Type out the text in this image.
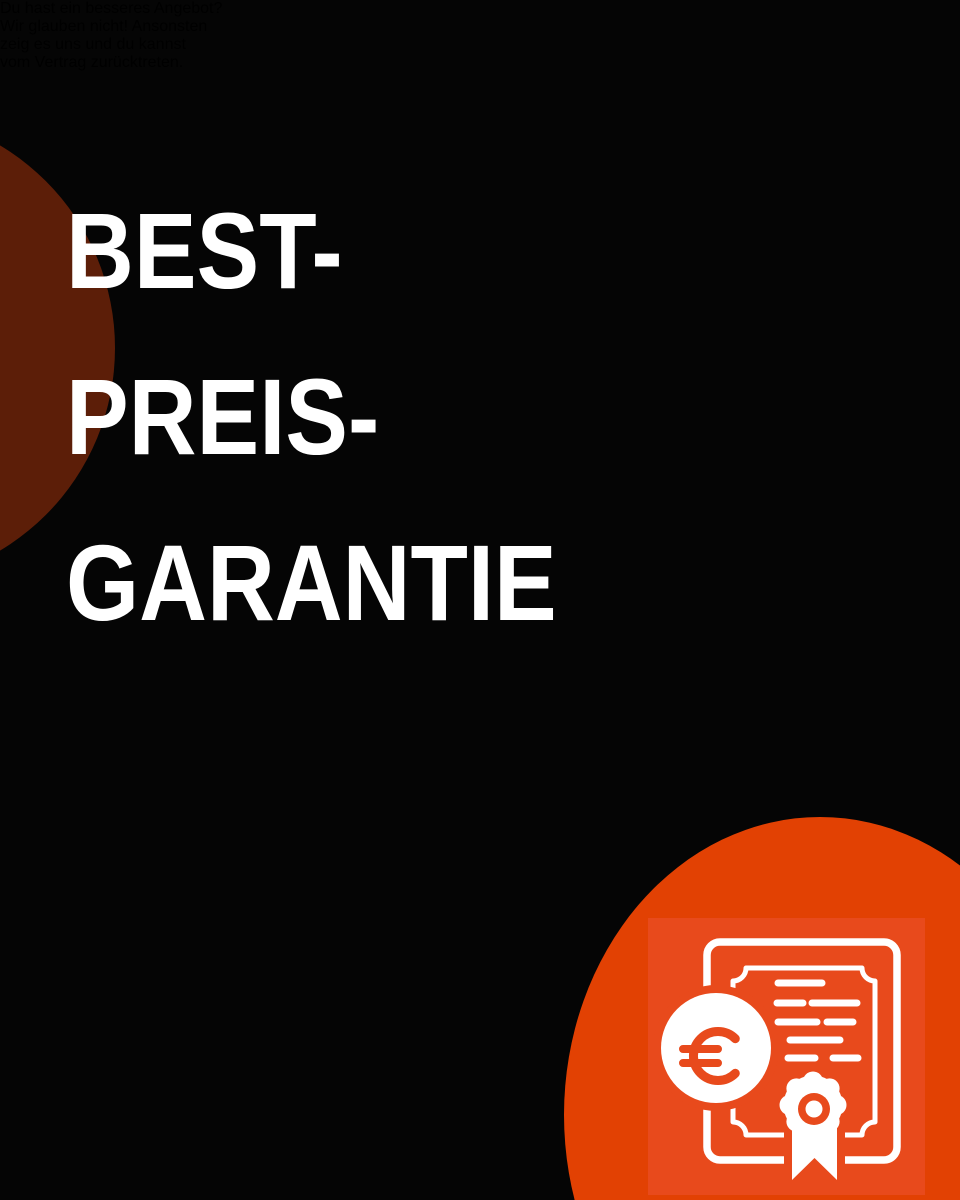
BEST-
PREIS-
GARANTIE

Du hast ein besseres Angebot?
Wir glauben nicht! Ansonsten
zeig es uns und du kannst
vom Vertrag zurücktreten.
